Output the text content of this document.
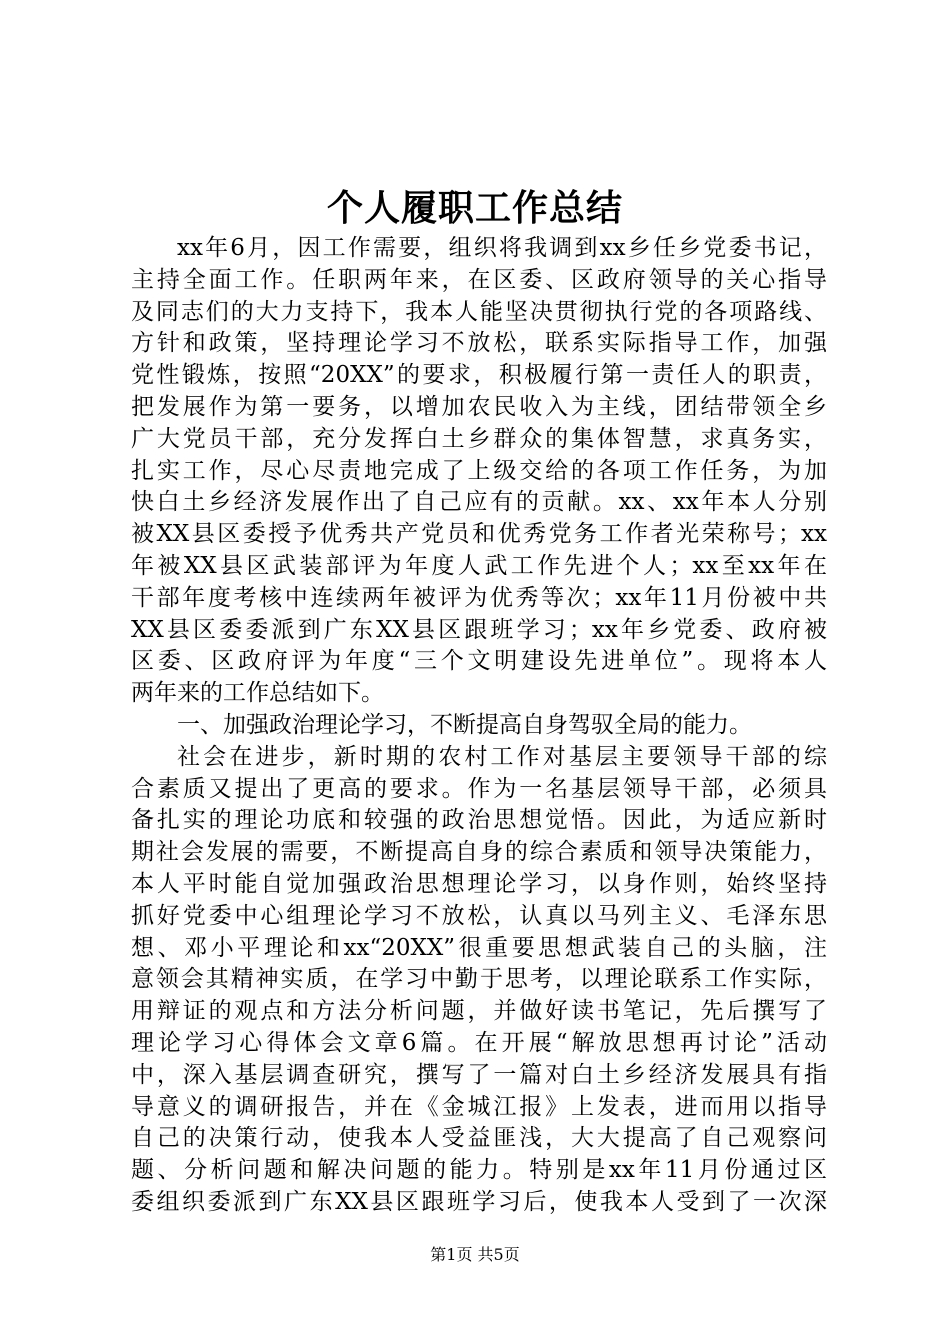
个人履职工作总结
xx年6月，因工作需要，组织将我调到xx乡任乡党委书记，
主持全面工作。任职两年来，在区委、区政府领导的关心指导
及同志们的大力支持下，我本人能坚决贯彻执行党的各项路线、
方针和政策，坚持理论学习不放松，联系实际指导工作，加强
党性锻炼，按照“20XX”的要求，积极履行第一责任人的职责，
把发展作为第一要务，以增加农民收入为主线，团结带领全乡
广大党员干部，充分发挥白土乡群众的集体智慧，求真务实，
扎实工作，尽心尽责地完成了上级交给的各项工作任务，为加
快白土乡经济发展作出了自己应有的贡献。xx、xx年本人分别
被XX县区委授予优秀共产党员和优秀党务工作者光荣称号；xx
年被XX县区武装部评为年度人武工作先进个人；xx至xx年在
干部年度考核中连续两年被评为优秀等次；xx年11月份被中共
XX县区委委派到广东XX县区跟班学习；xx年乡党委、政府被
区委、区政府评为年度“三个文明建设先进单位”。现将本人
两年来的工作总结如下。
一、加强政治理论学习，不断提高自身驾驭全局的能力。
社会在进步，新时期的农村工作对基层主要领导干部的综
合素质又提出了更高的要求。作为一名基层领导干部，必须具
备扎实的理论功底和较强的政治思想觉悟。因此，为适应新时
期社会发展的需要，不断提高自身的综合素质和领导决策能力，
本人平时能自觉加强政治思想理论学习，以身作则，始终坚持
抓好党委中心组理论学习不放松，认真以马列主义、毛泽东思
想、邓小平理论和xx“20XX”很重要思想武装自己的头脑，注
意领会其精神实质，在学习中勤于思考，以理论联系工作实际，
用辩证的观点和方法分析问题，并做好读书笔记，先后撰写了
理论学习心得体会文章6篇。在开展“解放思想再讨论”活动
中，深入基层调查研究，撰写了一篇对白土乡经济发展具有指
导意义的调研报告，并在《金城江报》上发表，进而用以指导
自己的决策行动，使我本人受益匪浅，大大提高了自己观察问
题、分析问题和解决问题的能力。特别是xx年11月份通过区
委组织委派到广东XX县区跟班学习后，使我本人受到了一次深
第1页 共5页
